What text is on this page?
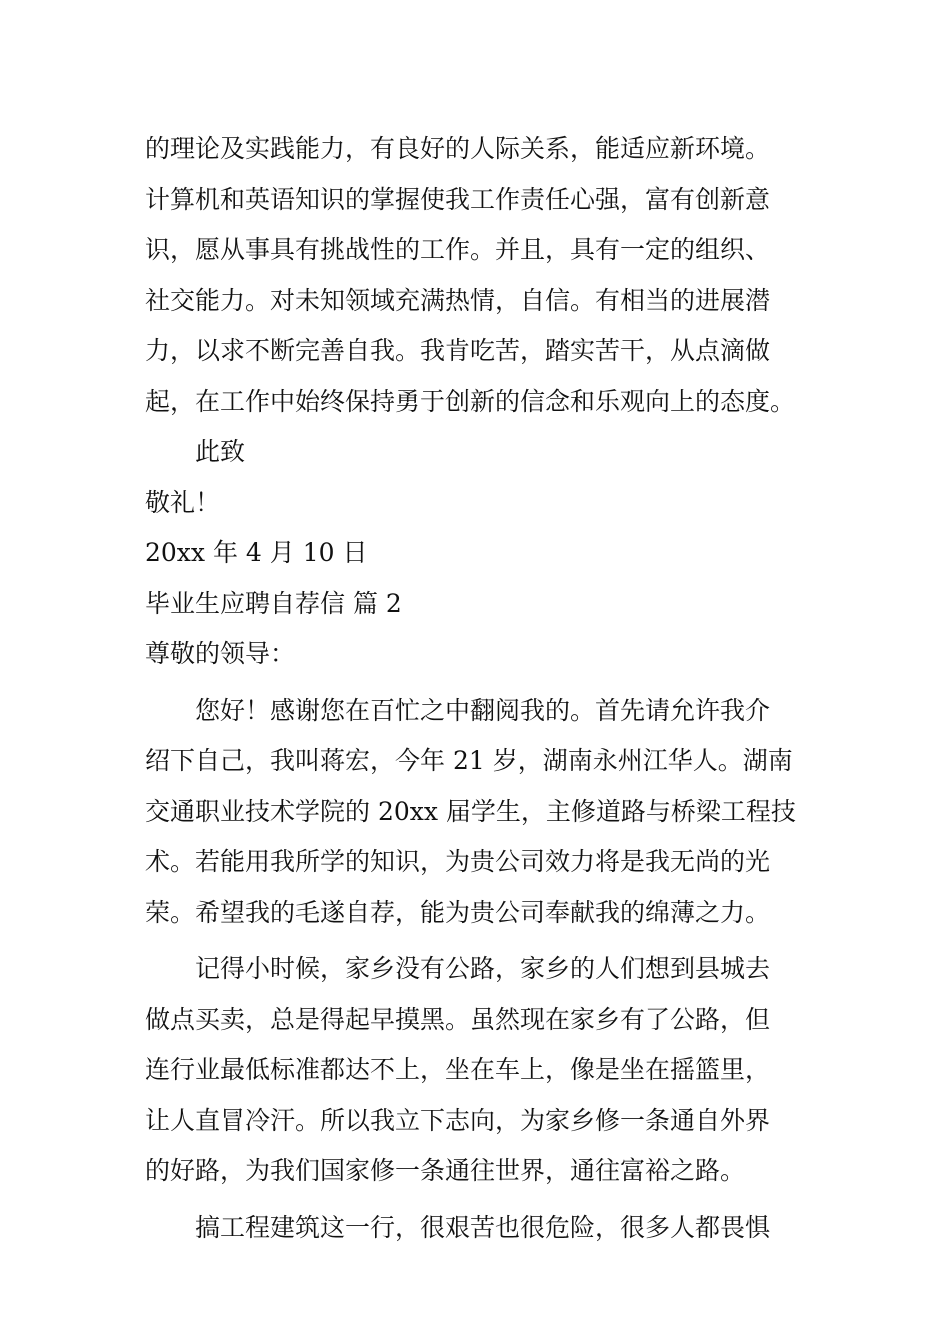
的理论及实践能力，有良好的人际关系，能适应新环境。
计算机和英语知识的掌握使我工作责任心强，富有创新意
识，愿从事具有挑战性的工作。并且，具有一定的组织、
社交能力。对未知领域充满热情，自信。有相当的进展潜
力，以求不断完善自我。我肯吃苦，踏实苦干，从点滴做
起，在工作中始终保持勇于创新的信念和乐观向上的态度。
此致
敬礼！
20xx 年 4 月 10 日
毕业生应聘自荐信 篇 2
尊敬的领导：
您好！感谢您在百忙之中翻阅我的。首先请允许我介
绍下自己，我叫蒋宏，今年 21 岁，湖南永州江华人。湖南
交通职业技术学院的 20xx 届学生，主修道路与桥梁工程技
术。若能用我所学的知识，为贵公司效力将是我无尚的光
荣。希望我的毛遂自荐，能为贵公司奉献我的绵薄之力。
记得小时候，家乡没有公路，家乡的人们想到县城去
做点买卖，总是得起早摸黑。虽然现在家乡有了公路，但
连行业最低标准都达不上，坐在车上，像是坐在摇篮里，
让人直冒冷汗。所以我立下志向，为家乡修一条通自外界
的好路，为我们国家修一条通往世界，通往富裕之路。
搞工程建筑这一行，很艰苦也很危险，很多人都畏惧
